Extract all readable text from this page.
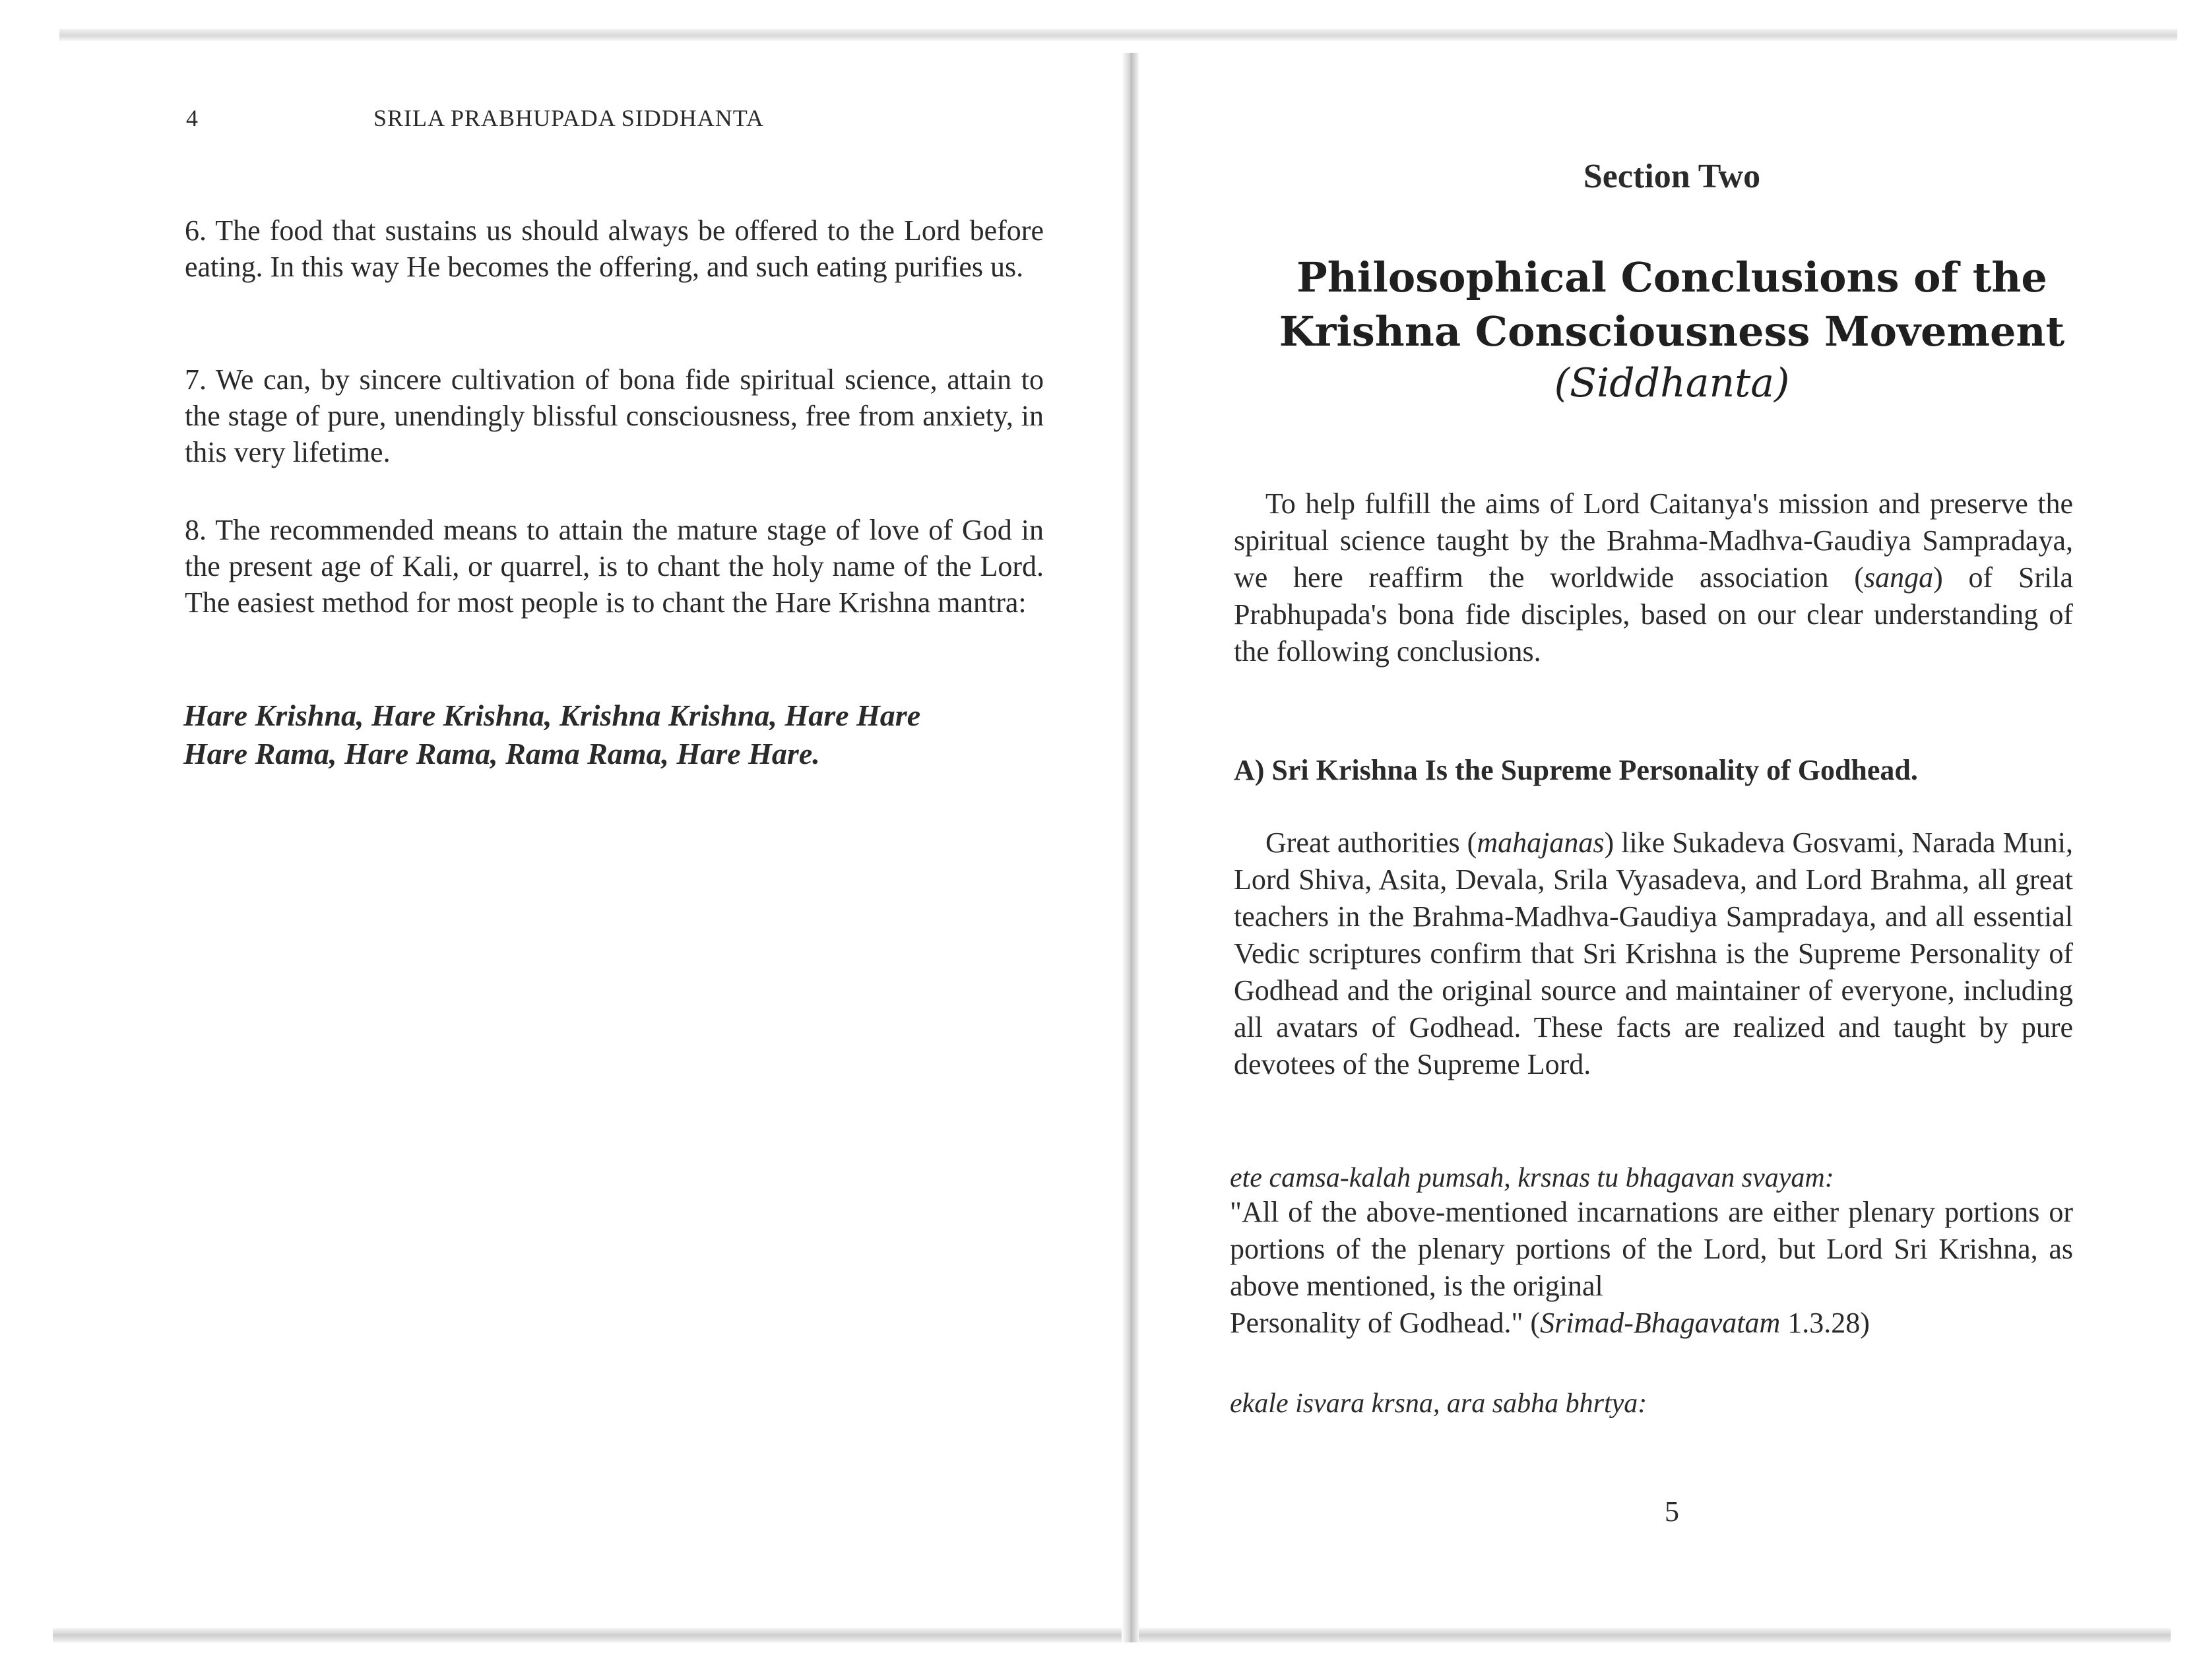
4	SRILA PRABHUPADA SIDDHANTA

6. The food that sustains us should always be offered to the Lord before eating. In this way He becomes the offering, and such eating purifies us.

7. We can, by sincere cultivation of bona fide spiritual science, attain to the stage of pure, unendingly blissful consciousness, free from anxiety, in this very lifetime.

8. The recommended means to attain the mature stage of love of God in the present age of Kali, or quarrel, is to chant the holy name of the Lord. The easiest method for most people is to chant the Hare Krishna mantra:

Hare Krishna, Hare Krishna, Krishna Krishna, Hare Hare
Hare Rama, Hare Rama, Rama Rama, Hare Hare.
Section Two
Philosophical Conclusions of the
Krishna Consciousness Movement
(Siddhanta)

To help fulfill the aims of Lord Caitanya's mission and preserve the spiritual science taught by the Brahma-Madhva-Gaudiya Sampradaya, we here reaffirm the worldwide association (sanga) of Srila Prabhupada's bona fide disciples, based on our clear understanding of the following conclusions.

A) Sri Krishna Is the Supreme Personality of Godhead.

Great authorities (mahajanas) like Sukadeva Gosvami, Narada Muni, Lord Shiva, Asita, Devala, Srila Vyasadeva, and Lord Brahma, all great teachers in the Brahma-Madhva-Gaudiya Sampradaya, and all essential Vedic scriptures confirm that Sri Krishna is the Supreme Personality of Godhead and the original source and maintainer of everyone, including all avatars of Godhead. These facts are realized and taught by pure devotees of the Supreme Lord.

ete camsa-kalah pumsah, krsnas tu bhagavan svayam:

"All of the above-mentioned incarnations are either plenary portions or portions of the plenary portions of the Lord, but Lord Sri Krishna, as above mentioned, is the original

Personality of Godhead." (Srimad-Bhagavatam 1.3.28)

ekale isvara krsna, ara sabha bhrtya:

5
